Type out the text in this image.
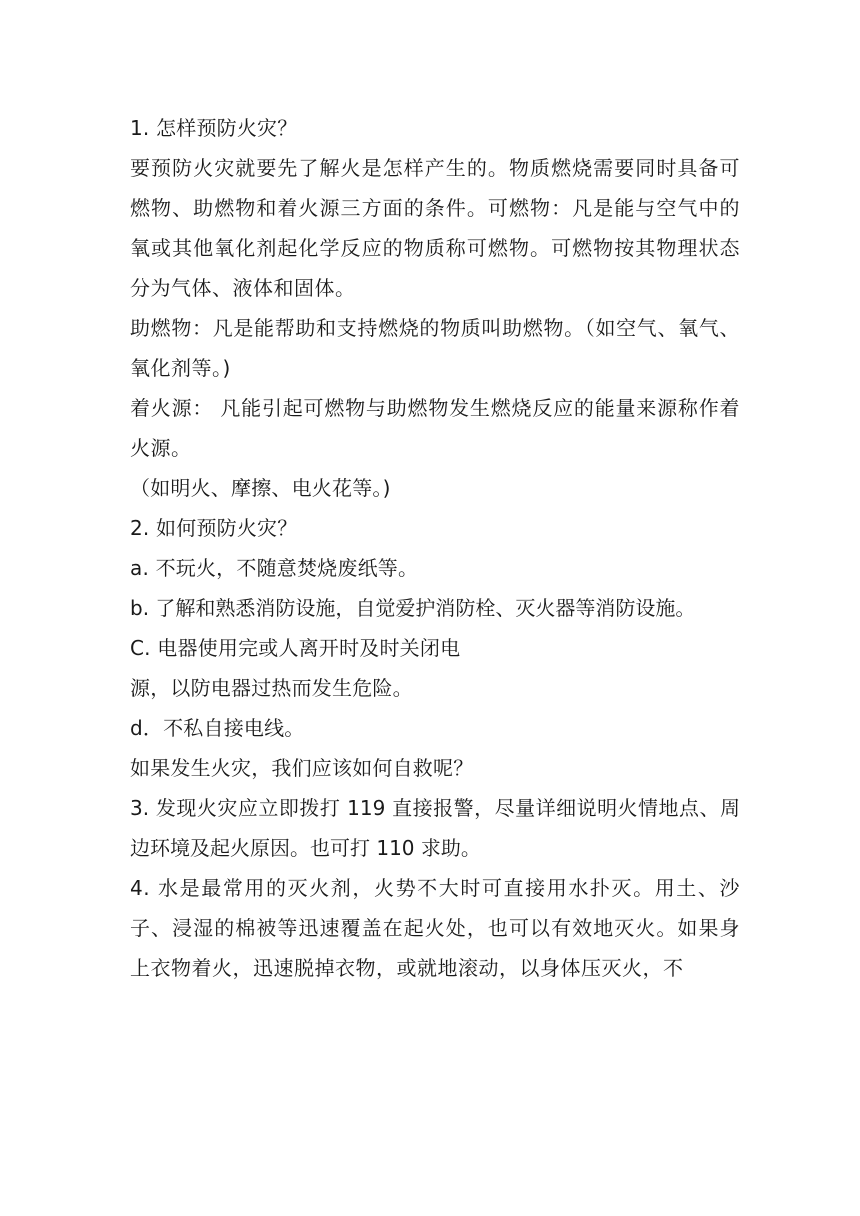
1. 怎样预防火灾？
要预防火灾就要先了解火是怎样产生的。物质燃烧需要同时具备可燃物、助燃物和着火源三方面的条件。可燃物：凡是能与空气中的氧或其他氧化剂起化学反应的物质称可燃物。可燃物按其物理状态分为气体、液体和固体。
助燃物：凡是能帮助和支持燃烧的物质叫助燃物。（如空气、氧气、氧化剂等。)
着火源： 凡能引起可燃物与助燃物发生燃烧反应的能量来源称作着火源。
（如明火、摩擦、电火花等。)
2. 如何预防火灾？
a. 不玩火，不随意焚烧废纸等。
b. 了解和熟悉消防设施，自觉爱护消防栓、灭火器等消防设施。
C. 电器使用完或人离开时及时关闭电
源，以防电器过热而发生危险。
d．不私自接电线。
如果发生火灾，我们应该如何自救呢？
3. 发现火灾应立即拨打 119 直接报警，尽量详细说明火情地点、周边环境及起火原因。也可打 110 求助。
4. 水是最常用的灭火剂，火势不大时可直接用水扑灭。用土、沙子、浸湿的棉被等迅速覆盖在起火处，也可以有效地灭火。如果身上衣物着火，迅速脱掉衣物，或就地滚动，以身体压灭火，不
